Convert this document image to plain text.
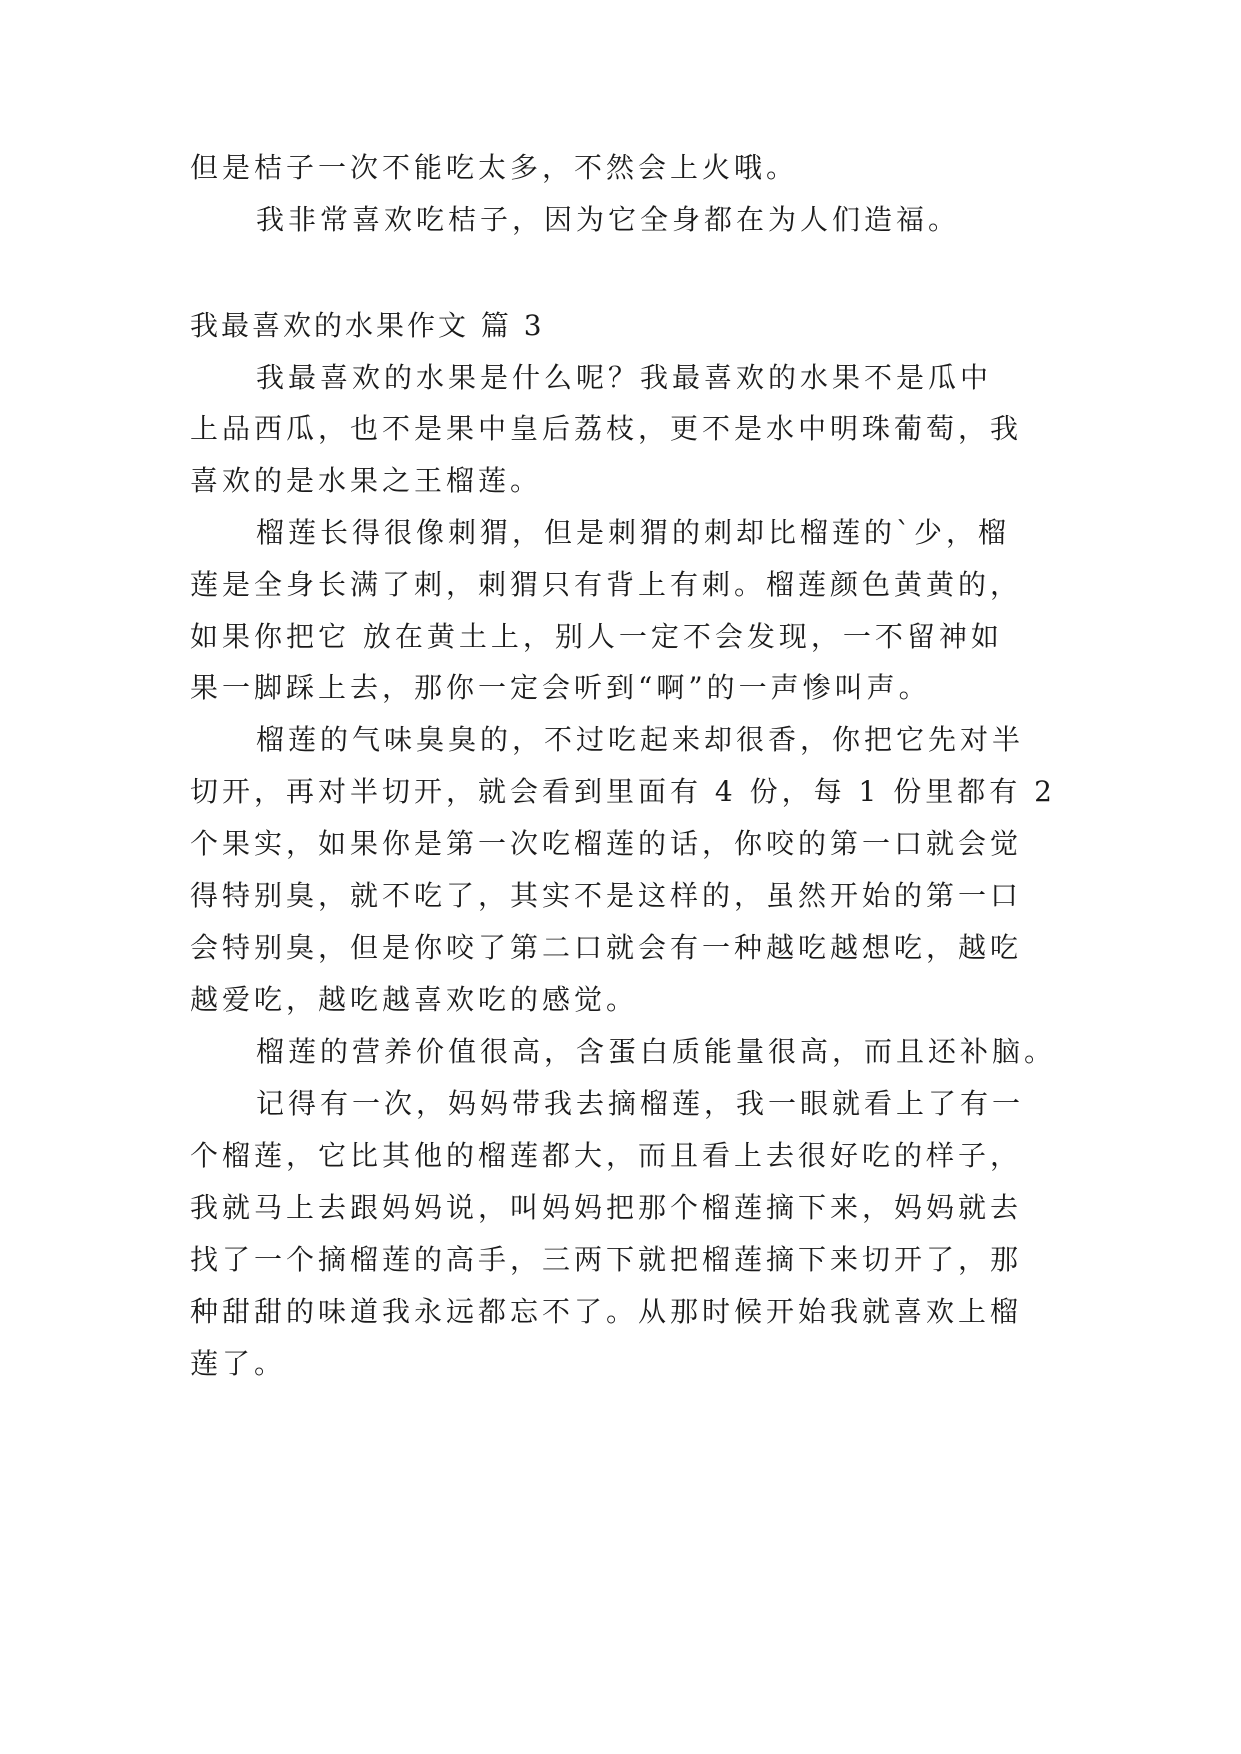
但是桔子一次不能吃太多，不然会上火哦。
我非常喜欢吃桔子，因为它全身都在为人们造福。
我最喜欢的水果作文 篇 3
我最喜欢的水果是什么呢？我最喜欢的水果不是瓜中
上品西瓜，也不是果中皇后荔枝，更不是水中明珠葡萄，我
喜欢的是水果之王榴莲。
榴莲长得很像刺猬，但是刺猬的刺却比榴莲的`少，榴
莲是全身长满了刺，刺猬只有背上有刺。榴莲颜色黄黄的，
如果你把它 放在黄土上，别人一定不会发现，一不留神如
果一脚踩上去，那你一定会听到“啊”的一声惨叫声。
榴莲的气味臭臭的，不过吃起来却很香，你把它先对半
切开，再对半切开，就会看到里面有 4 份，每 1 份里都有 2
个果实，如果你是第一次吃榴莲的话，你咬的第一口就会觉
得特别臭，就不吃了，其实不是这样的，虽然开始的第一口
会特别臭，但是你咬了第二口就会有一种越吃越想吃，越吃
越爱吃，越吃越喜欢吃的感觉。
榴莲的营养价值很高，含蛋白质能量很高，而且还补脑。
记得有一次，妈妈带我去摘榴莲，我一眼就看上了有一
个榴莲，它比其他的榴莲都大，而且看上去很好吃的样子，
我就马上去跟妈妈说，叫妈妈把那个榴莲摘下来，妈妈就去
找了一个摘榴莲的高手，三两下就把榴莲摘下来切开了，那
种甜甜的味道我永远都忘不了。从那时候开始我就喜欢上榴
莲了。
